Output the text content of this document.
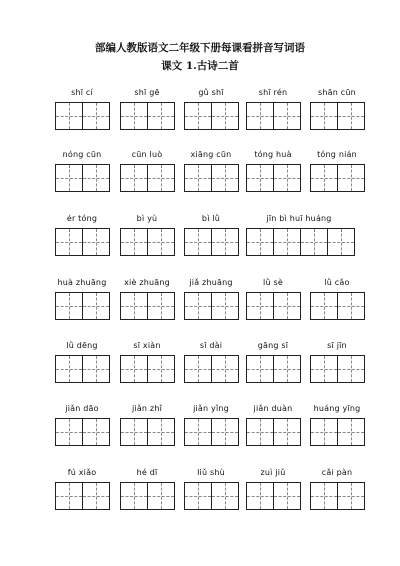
部编人教版语文二年级下册每课看拼音写词语
课文 1.古诗二首
shī cí	shī gē	gǔ shī	shī rén	shān cūn
nóng cūn	cūn luò	xiāng cūn	tóng huà	tóng nián
ér tóng	bì yù	bì lǜ	jīn bì huī huáng
huà zhuāng	xiè zhuāng	jiǎ zhuāng	lǜ sè	lǜ cǎo
lǜ dēng	sī xiàn	sī dài	gāng sī	sī jīn
jiǎn dāo	jiǎn zhǐ	jiǎn yǐng	jiǎn duàn	huáng yīng
fú xiǎo	hé dī	liǔ shù	zuì jiǔ	cǎi pàn
